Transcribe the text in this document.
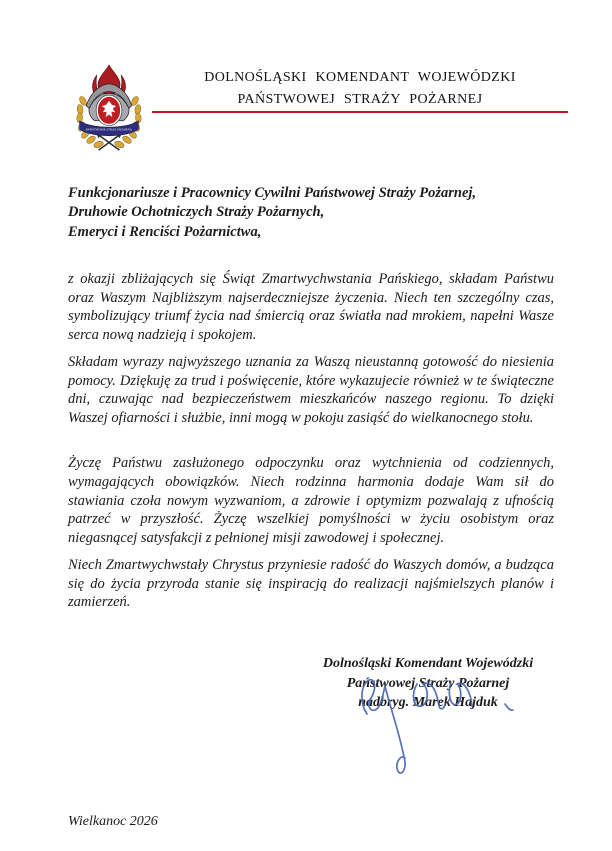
PAŃSTWOWA STRAŻ POŻARNA
DOLNOŚLĄSKI KOMENDANT WOJEWÓDZKI
PAŃSTWOWEJ STRAŻY POŻARNEJ
Funkcjonariusze i Pracownicy Cywilni Państwowej Straży Pożarnej,
Druhowie Ochotniczych Straży Pożarnych,
Emeryci i Renciści Pożarnictwa,

z okazji zbliżających się Świąt Zmartwychwstania Pańskiego, składam Państwu oraz Waszym Najbliższym najserdeczniejsze życzenia. Niech ten szczególny czas, symbolizujący triumf życia nad śmiercią oraz światła nad mrokiem, napełni Wasze serca nową nadzieją i spokojem.

Składam wyrazy najwyższego uznania za Waszą nieustanną gotowość do niesienia pomocy. Dziękuję za trud i poświęcenie, które wykazujecie również w te świąteczne dni, czuwając nad bezpieczeństwem mieszkańców naszego regionu. To dzięki Waszej ofiarności i służbie, inni mogą w pokoju zasiąść do wielkanocnego stołu.

Życzę Państwu zasłużonego odpoczynku oraz wytchnienia od codziennych, wymagających obowiązków. Niech rodzinna harmonia dodaje Wam sił do stawiania czoła nowym wyzwaniom, a zdrowie i optymizm pozwalają z ufnością patrzeć w przyszłość. Życzę wszelkiej pomyślności w życiu osobistym oraz niegasnącej satysfakcji z pełnionej misji zawodowej i społecznej.

Niech Zmartwychwstały Chrystus przyniesie radość do Waszych domów, a budząca się do życia przyroda stanie się inspiracją do realizacji najśmielszych planów i zamierzeń.

Dolnośląski Komendant Wojewódzki
Państwowej Straży Pożarnej
nadbryg. Marek Hajduk
Wielkanoc 2026
